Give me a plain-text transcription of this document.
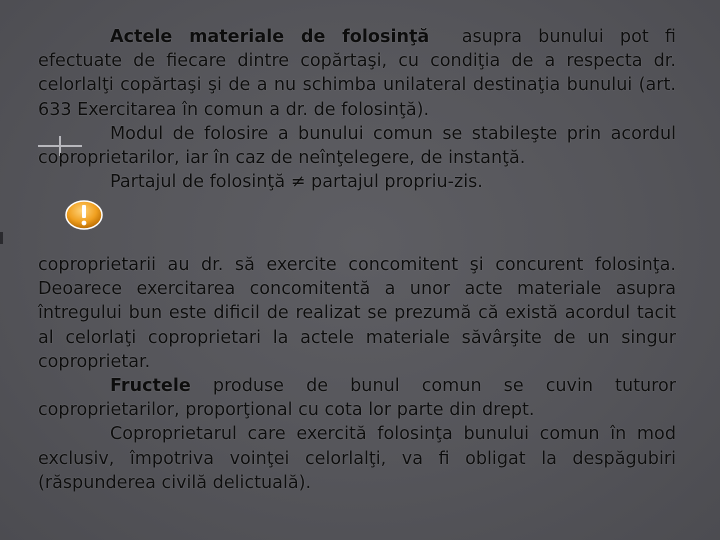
Actele materiale de folosinţă asupra bunului pot fi efectuate de fiecare dintre copărtaşi, cu condiţia de a respecta dr. celorlalţi copărtaşi şi de a nu schimba unilateral destinaţia bunului (art. 633 Exercitarea în comun a dr. de folosinţă).

Modul de folosire a bunului comun se stabileşte prin acordul coproprietarilor, iar în caz de neînţelegere, de instanţă.

Partajul de folosinţă ≠ partajul propriu-zis.

coproprietarii au dr. să exercite concomitent şi concurent folosinţa. Deoarece exercitarea concomitentă a unor acte materiale asupra întregului bun este dificil de realizat se prezumă că există acordul tacit al celorlaţi coproprietari la actele materiale săvârşite de un singur coproprietar.

Fructele produse de bunul comun se cuvin tuturor coproprietarilor, proporţional cu cota lor parte din drept.

Coproprietarul care exercită folosinţa bunului comun în mod exclusiv, împotriva voinţei celorlalţi, va fi obligat la despăgubiri (răspunderea civilă delictuală).
